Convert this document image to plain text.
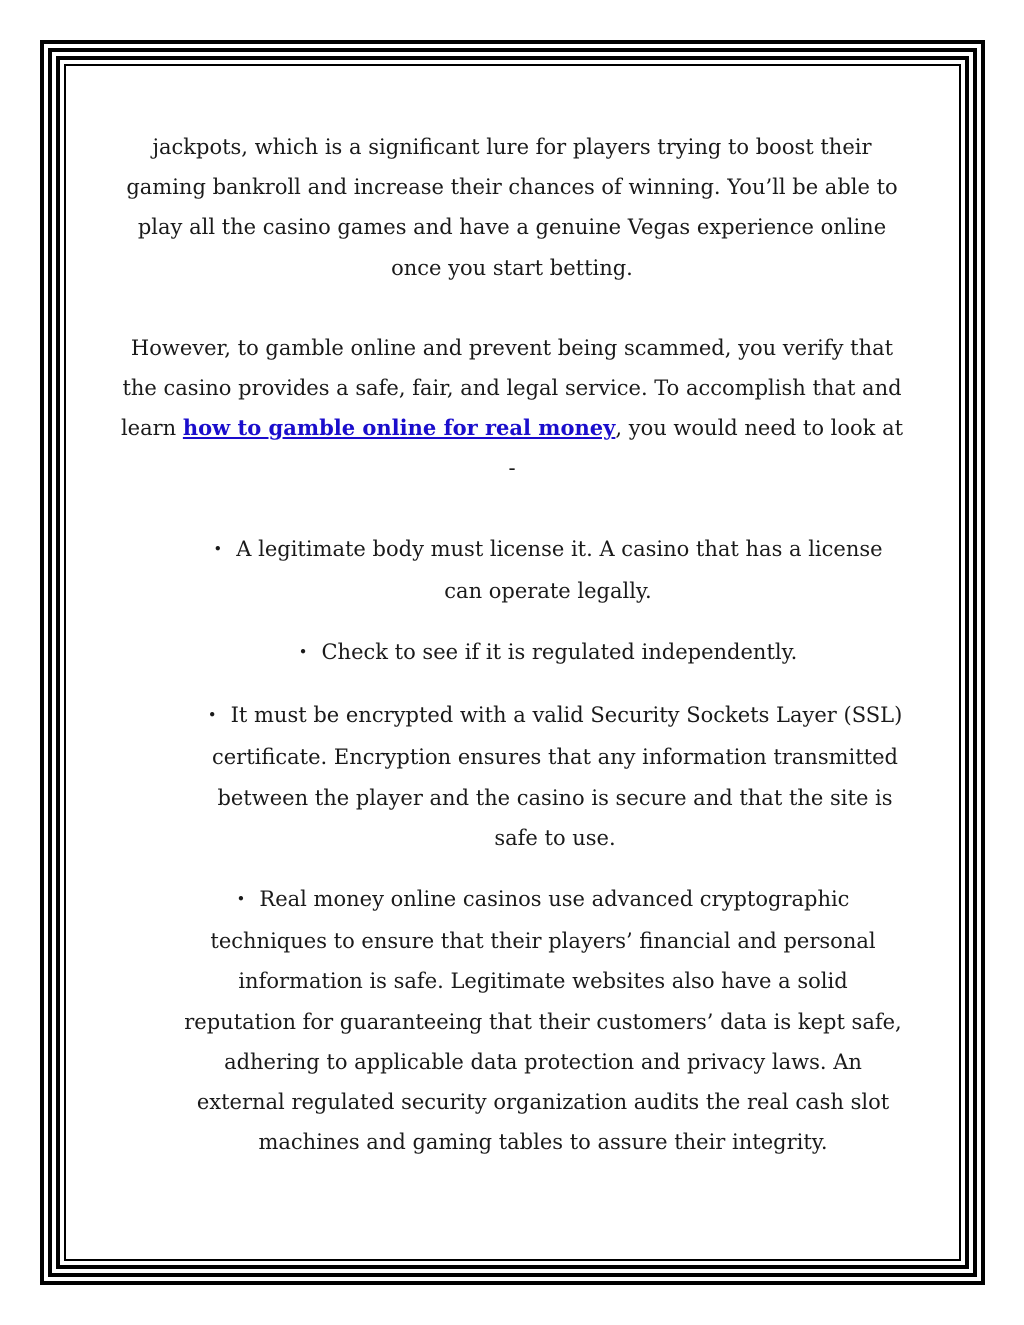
jackpots, which is a significant lure for players trying to boost their gaming bankroll and increase their chances of winning. You’ll be able to play all the casino games and have a genuine Vegas experience online once you start betting.

However, to gamble online and prevent being scammed, you verify that the casino provides a safe, fair, and legal service. To accomplish that and learn how to gamble online for real money, you would need to look at
-

• A legitimate body must license it. A casino that has a license can operate legally.
• Check to see if it is regulated independently.
• It must be encrypted with a valid Security Sockets Layer (SSL) certificate. Encryption ensures that any information transmitted between the player and the casino is secure and that the site is safe to use.
• Real money online casinos use advanced cryptographic techniques to ensure that their players’ financial and personal information is safe. Legitimate websites also have a solid reputation for guaranteeing that their customers’ data is kept safe, adhering to applicable data protection and privacy laws. An external regulated security organization audits the real cash slot machines and gaming tables to assure their integrity.
